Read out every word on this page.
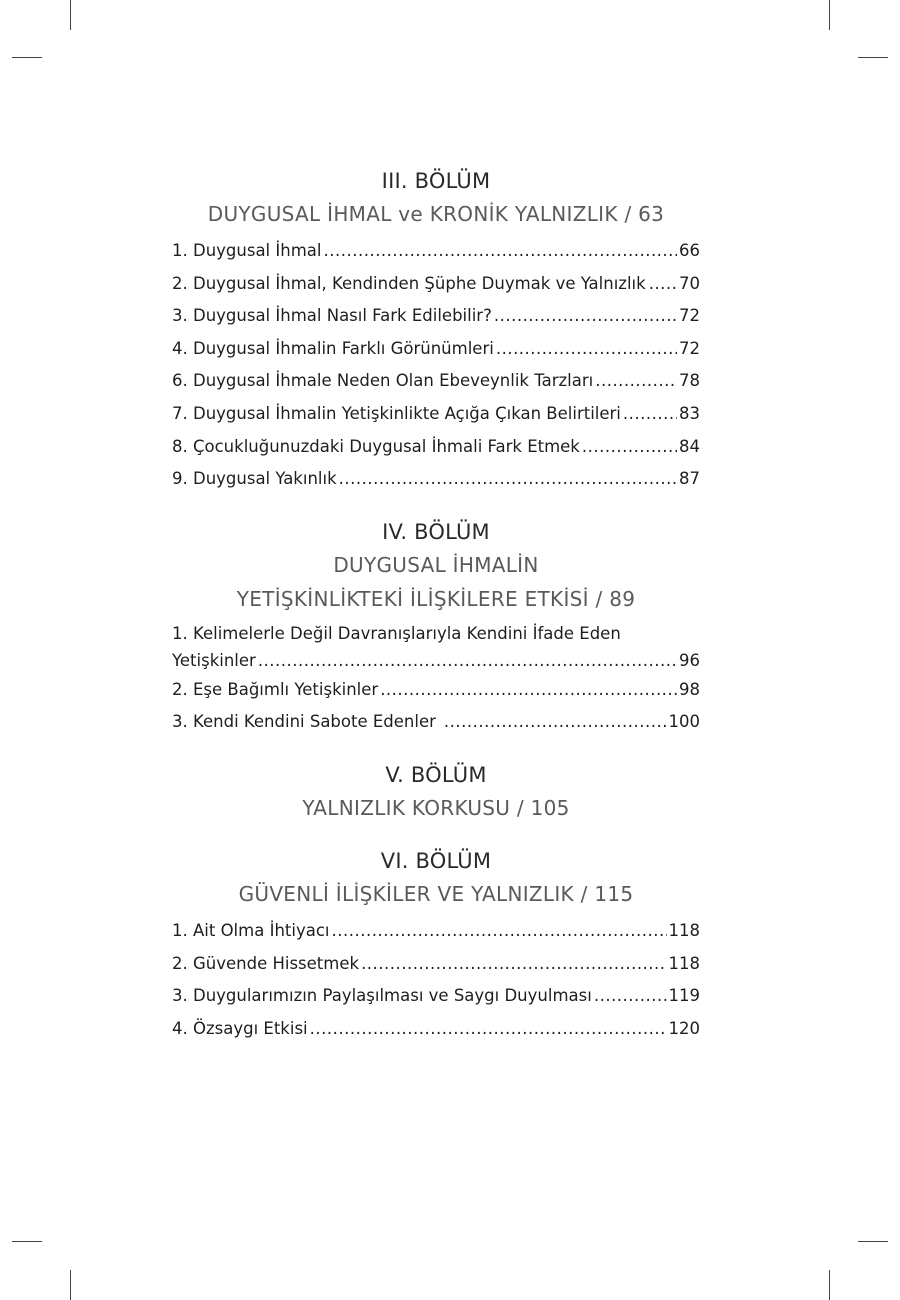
III. BÖLÜM
DUYGUSAL İHMAL ve KRONİK YALNIZLIK / 63
1. Duygusal İhmal .....	66
2. Duygusal İhmal, Kendinden Şüphe Duymak ve Yalnızlık ..... 70
3. Duygusal İhmal Nasıl Fark Edilebilir? .....	72
4. Duygusal İhmalin Farklı Görünümleri .....	72
6. Duygusal İhmale Neden Olan Ebeveynlik Tarzları .....	78
7. Duygusal İhmalin Yetişkinlikte Açığa Çıkan Belirtileri .....	83
8. Çocukluğunuzdaki Duygusal İhmali Fark Etmek .....	84
9. Duygusal Yakınlık .....	87
IV. BÖLÜM
DUYGUSAL İHMALİN
YETİŞKİNLİKTEKİ İLİŞKİLERE ETKİSİ / 89
1. Kelimelerle Değil Davranışlarıyla Kendini İfade Eden
Yetişkinler .....	96
2. Eşe Bağımlı Yetişkinler .....	98
3. Kendi Kendini Sabote Edenler .....	100
V. BÖLÜM
YALNIZLIK KORKUSU / 105
VI. BÖLÜM
GÜVENLİ İLİŞKİLER VE YALNIZLIK / 115
1. Ait Olma İhtiyacı .....	118
2. Güvende Hissetmek .....	118
3. Duygularımızın Paylaşılması ve Saygı Duyulması .....	119
4. Özsaygı Etkisi .....	120
